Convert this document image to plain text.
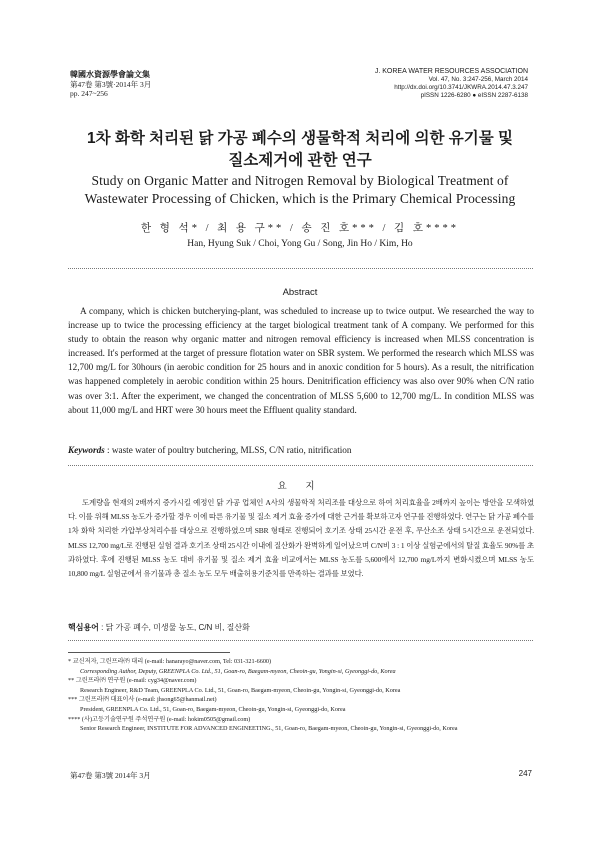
韓國水資源學會論文集
第47卷 第3號·2014年 3月
pp. 247~256
J. KOREA WATER RESOURCES ASSOCIATION
Vol. 47, No. 3:247-256, March 2014
http://dx.doi.org/10.3741/JKWRA.2014.47.3.247
pISSN 1226-6280 ● eISSN 2287-6138
1차 화학 처리된 닭 가공 폐수의 생물학적 처리에 의한 유기물 및
질소제거에 관한 연구
Study on Organic Matter and Nitrogen Removal by Biological Treatment of
Wastewater Processing of Chicken, which is the Primary Chemical Processing
한 형 석* / 최 용 구** / 송 진 호*** / 김 호****
Han, Hyung Suk / Choi, Yong Gu / Song, Jin Ho / Kim, Ho
Abstract
A company, which is chicken butcherying-plant, was scheduled to increase up to twice output. We researched the way to increase up to twice the processing efficiency at the target biological treatment tank of A company. We performed for this study to obtain the reason why organic matter and nitrogen removal efficiency is increased when MLSS concentration is increased. It's performed at the target of pressure flotation water on SBR system. We performed the research which MLSS was 12,700 mg/L for 30hours (in aerobic condition for 25 hours and in anoxic condition for 5 hours). As a result, the nitrification was happened completely in aerobic condition within 25 hours. Denitrification efficiency was also over 90% when C/N ratio was over 3:1. After the experiment, we changed the concentration of MLSS 5,600 to 12,700 mg/L. In condition MLSS was about 11,000 mg/L and HRT were 30 hours meet the Effluent quality standard.
Keywords : waste water of poultry butchering, MLSS, C/N ratio, nitrification
요 지
도계량을 현재의 2배까지 증가시킬 예정인 닭 가공 업체인 A사의 생물학적 처리조를 대상으로 하여 처리효율을 2배까지 높이는 방안을 모색하였다. 이를 위해 MLSS 농도가 증가할 경우 이에 따른 유기물 및 질소 제거 효율 증가에 대한 근거를 확보하고자 연구를 진행하였다. 연구는 닭 가공 폐수를 1차 화학 처리한 가압부상처리수를 대상으로 진행하였으며 SBR 형태로 진행되어 호기조 상태 25시간 운전 후, 무산소조 상태 5시간으로 운전되었다. MLSS 12,700 mg/L로 진행된 실험 결과 호기조 상태 25시간 이내에 질산화가 완벽하게 일어났으며 C/N비 3 : 1 이상 실험군에서의 탈질 효율도 90%를 초과하였다. 후에 진행된 MLSS 농도 대비 유기물 및 질소 제거 효율 비교에서는 MLSS 농도를 5,600에서 12,700 mg/L까지 변화시켰으며 MLSS 농도 10,800 mg/L 실험군에서 유기물과 총 질소 농도 모두 배출허용기준치를 만족하는 결과를 보였다.
핵심용어 : 닭 가공 폐수, 미생물 농도, C/N 비, 질산화
* 교신저자, 그린프라㈜ 대리 (e-mail: hanarayo@naver.com, Tel: 031-321-6600)
Corresponding Author, Deputy, GREENPLA Co. Ltd., 51, Goan-ro, Baegam-myeon, Cheoin-gu, Yongin-si, Gyeonggi-do, Korea
** 그린프라㈜ 연구원 (e-mail: cyg34@naver.com)
Research Engineer, R&D Team, GREENPLA Co. Ltd., 51, Goan-ro, Baegam-myeon, Cheoin-gu, Yongin-si, Gyeonggi-do, Korea
*** 그린프라㈜ 대표이사 (e-mail: jhsong65@hanmail.net)
President, GREENPLA Co. Ltd., 51, Goan-ro, Baegam-myeon, Cheoin-gu, Yongin-si, Gyeonggi-do, Korea
**** (사)고등기술연구원 주석연구원 (e-mail: hokim0505@gmail.com)
Senior Research Engineer, INSTITUTE FOR ADVANCED ENGINEETING., 51, Goan-ro, Baegam-myeon, Cheoin-gu, Yongin-si, Gyeonggi-do, Korea
第47卷 第3號 2014年 3月	247
